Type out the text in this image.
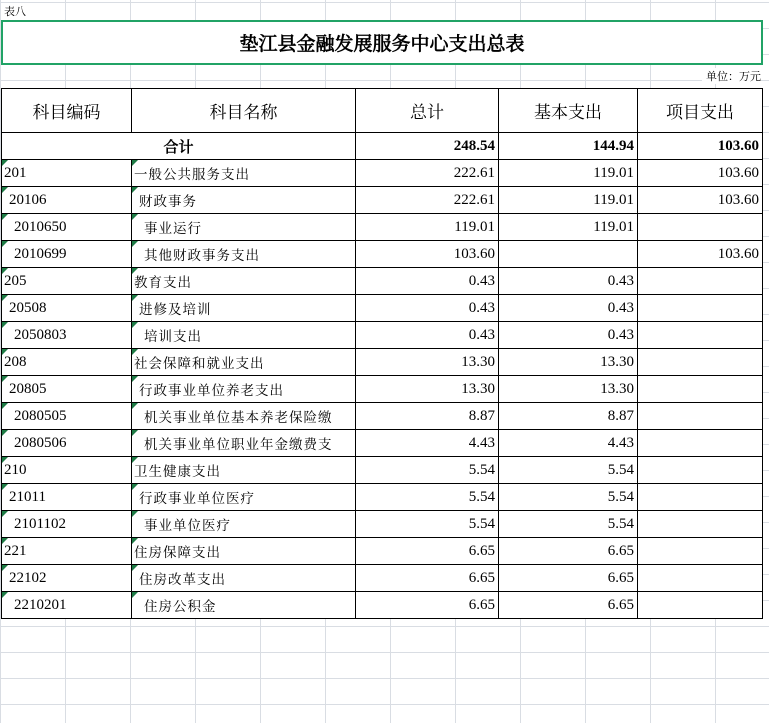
表八
垫江县金融发展服务中心支出总表
单位：万元
科目编码	科目名称	总计	基本支出	项目支出
合计		248.54	144.94	103.60
201	一般公共服务支出	222.61	119.01	103.60
20106	财政事务	222.61	119.01	103.60
2010650	事业运行	119.01	119.01	
2010699	其他财政事务支出	103.60		103.60
205	教育支出	0.43	0.43	
20508	进修及培训	0.43	0.43	
2050803	培训支出	0.43	0.43	
208	社会保障和就业支出	13.30	13.30	
20805	行政事业单位养老支出	13.30	13.30	
2080505	机关事业单位基本养老保险缴	8.87	8.87	
2080506	机关事业单位职业年金缴费支	4.43	4.43	
210	卫生健康支出	5.54	5.54	
21011	行政事业单位医疗	5.54	5.54	
2101102	事业单位医疗	5.54	5.54	
221	住房保障支出	6.65	6.65	
22102	住房改革支出	6.65	6.65	
2210201	住房公积金	6.65	6.65	
